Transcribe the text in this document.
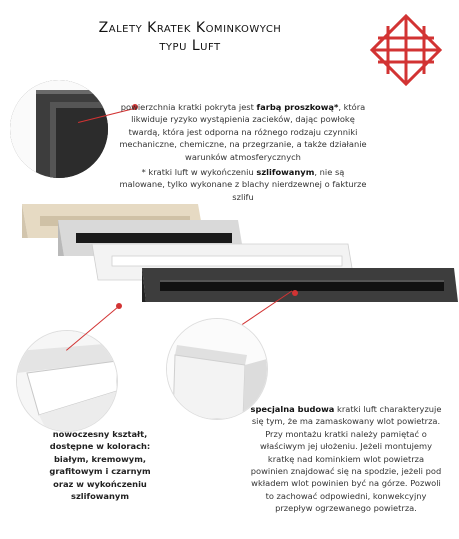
Zalety Kratek Kominkowych
typu Luft
powierzchnia kratki pokryta jest farbą proszkową*, która likwiduje ryzyko wystąpienia zacieków, dając powłokę twardą, która jest odporna na różnego rodzaju czynniki mechaniczne, chemiczne, na przegrzanie, a także działanie warunków atmosferycznych
* kratki luft w wykończeniu szlifowanym, nie są malowane, tylko wykonane z blachy nierdzewnej o fakturze szlifu
specjalna budowa kratki luft charakteryzuje się tym, że ma zamaskowany wlot powietrza. Przy montażu kratki należy pamiętać o właściwym jej ułożeniu. Jeżeli montujemy kratkę nad kominkiem wlot powietrza powinien znajdować się na spodzie, jeżeli pod wkładem wlot powinien być na górze. Pozwoli to zachować odpowiedni, konwekcyjny przepływ ogrzewanego powietrza.
nowoczesny kształt, dostępne w kolorach: białym, kremowym, grafitowym i czarnym oraz w wykończeniu szlifowanym
